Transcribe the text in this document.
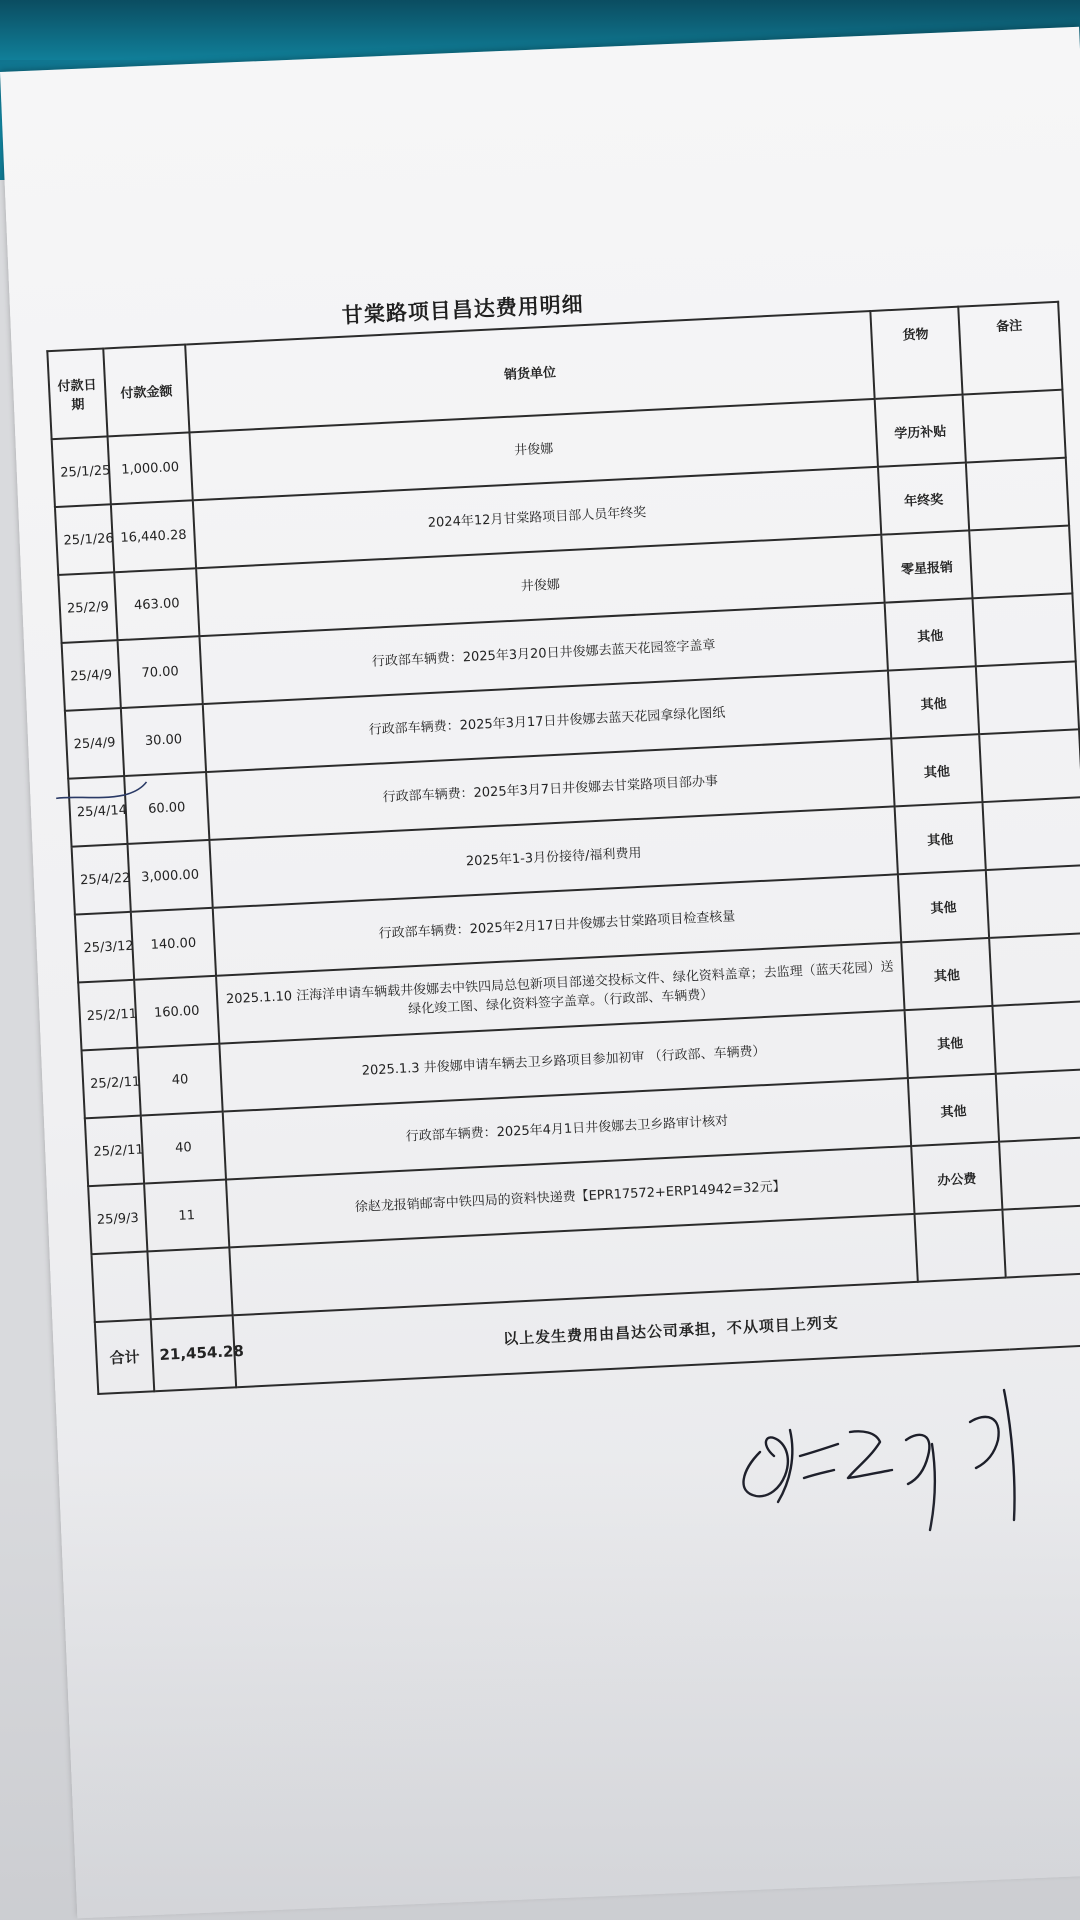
甘棠路项目昌达费用明细
付款日期	付款金额	销货单位	货物	备注
25/1/25	1,000.00	井俊娜	学历补贴	
25/1/26	16,440.28	2024年12月甘棠路项目部人员年终奖	年终奖	
25/2/9	463.00	井俊娜	零星报销	
25/4/9	70.00	行政部车辆费：2025年3月20日井俊娜去蓝天花园签字盖章	其他	
25/4/9	30.00	行政部车辆费：2025年3月17日井俊娜去蓝天花园拿绿化图纸	其他	
25/4/14	60.00	行政部车辆费：2025年3月7日井俊娜去甘棠路项目部办事	其他	
25/4/22	3,000.00	2025年1-3月份接待/福利费用	其他	
25/3/12	140.00	行政部车辆费：2025年2月17日井俊娜去甘棠路项目检查核量	其他	
25/2/11	160.00	2025.1.10 汪海洋申请车辆载井俊娜去中铁四局总包新项目部递交投标文件、绿化资料盖章；去监理（蓝天花园）送绿化竣工图、绿化资料签字盖章。（行政部、车辆费）	其他	
25/2/11	40	2025.1.3 井俊娜申请车辆去卫乡路项目参加初审 （行政部、车辆费）	其他	
25/2/11	40	行政部车辆费：2025年4月1日井俊娜去卫乡路审计核对	其他	
25/9/3	11	徐赵龙报销邮寄中铁四局的资料快递费【EPR17572+ERP14942=32元】	办公费	

合计	21,454.28	以上发生费用由昌达公司承担，不从项目上列支		
